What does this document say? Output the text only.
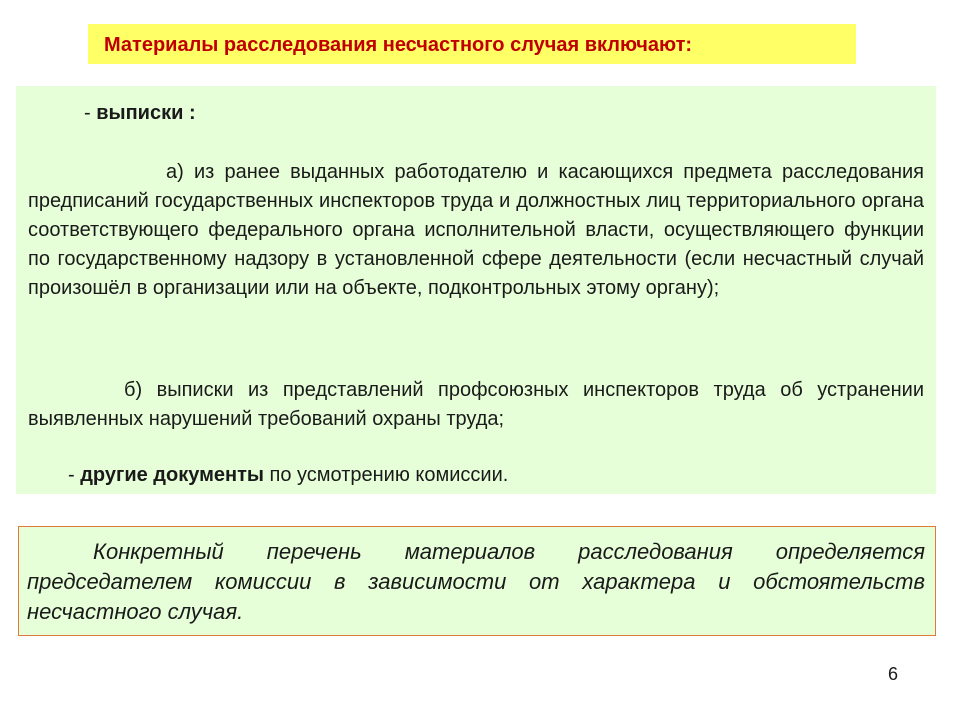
Материалы расследования несчастного случая включают:
- выписки :

а) из ранее выданных работодателю и касающихся предмета расследования предписаний государственных инспекторов труда и должностных лиц территориального органа соответствующего федерального органа исполнительной власти, осуществляющего функции по государственному надзору в установленной сфере деятельности (если несчастный случай произошёл в организации или на объекте, подконтрольных этому органу);

б) выписки из представлений профсоюзных инспекторов труда об устранении выявленных нарушений требований охраны труда;

- другие документы по усмотрению комиссии.

Конкретный перечень материалов расследования определяется председателем комиссии в зависимости от характера и обстоятельств несчастного случая.

6
